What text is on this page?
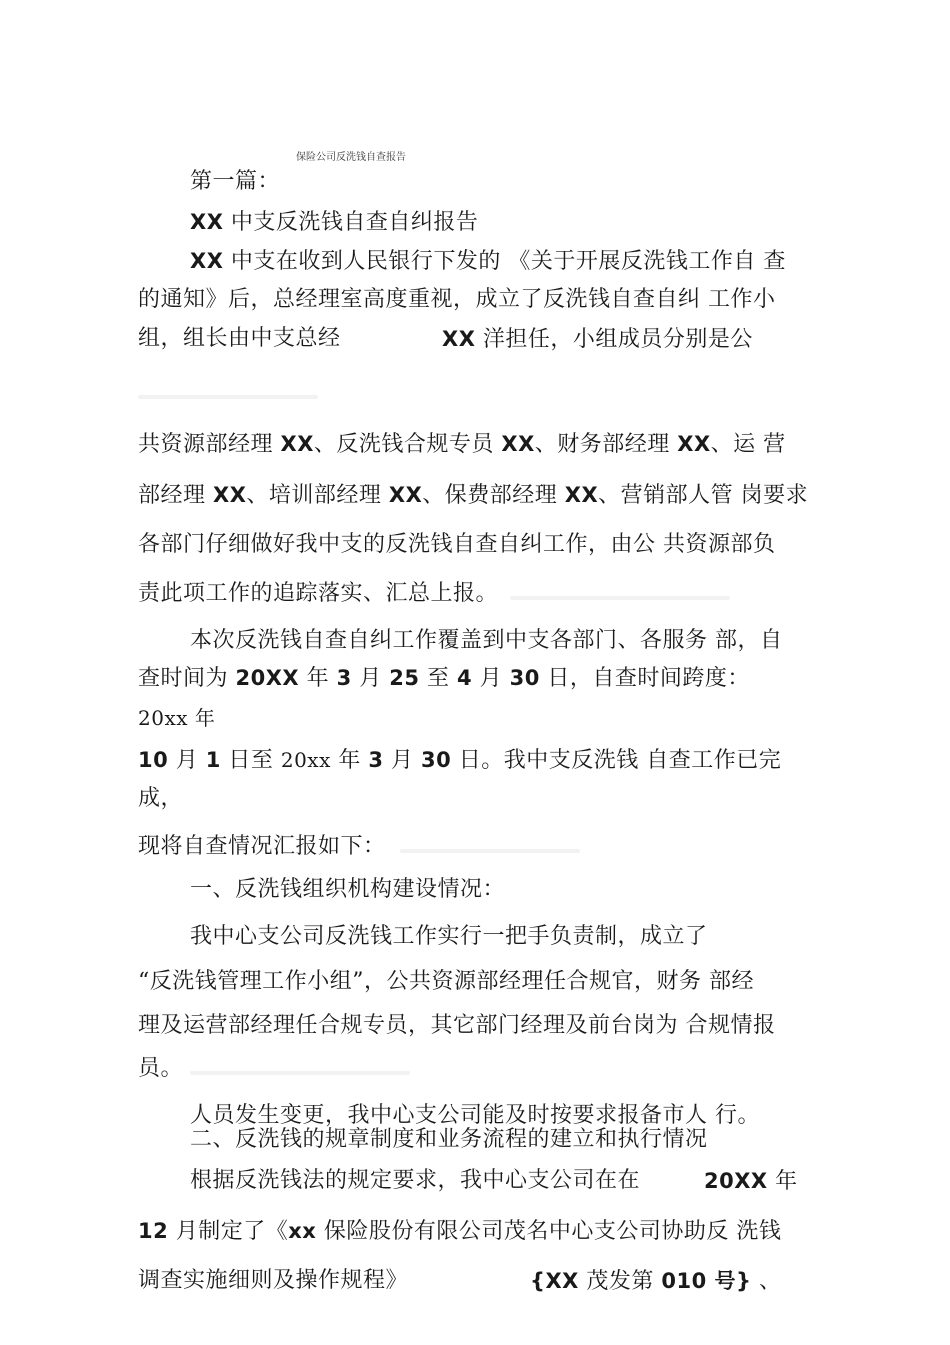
保险公司反洗钱自查报告
第一篇：
XX 中支反洗钱自查自纠报告
XX 中支在收到人民银行下发的 《关于开展反洗钱工作自 查
的通知》后，总经理室高度重视，成立了反洗钱自查自纠 工作小
组，组长由中支总经	XX 洋担任，小组成员分别是公
共资源部经理 XX、反洗钱合规专员 XX、财务部经理 XX、运 营
部经理 XX、培训部经理 XX、保费部经理 XX、营销部人管 岗要求
各部门仔细做好我中支的反洗钱自查自纠工作，由公 共资源部负
责此项工作的追踪落实、汇总上报。
本次反洗钱自查自纠工作覆盖到中支各部门、各服务 部，自
查时间为 20XX 年 3 月 25 至 4 月 30 日，自查时间跨度：
20xx 年
10 月 1 日至 20xx 年 3 月 30 日。我中支反洗钱 自查工作已完
成，
现将自查情况汇报如下：
一、反洗钱组织机构建设情况：
我中心支公司反洗钱工作实行一把手负责制，成立了
“反洗钱管理工作小组”，公共资源部经理任合规官，财务 部经
理及运营部经理任合规专员，其它部门经理及前台岗为 合规情报
员。
人员发生变更，我中心支公司能及时按要求报备市人 行。
二、反洗钱的规章制度和业务流程的建立和执行情况
根据反洗钱法的规定要求，我中心支公司在在	20XX 年
12 月制定了《xx 保险股份有限公司茂名中心支公司协助反 洗钱
调查实施细则及操作规程》	{XX 茂发第 010 号} 、
